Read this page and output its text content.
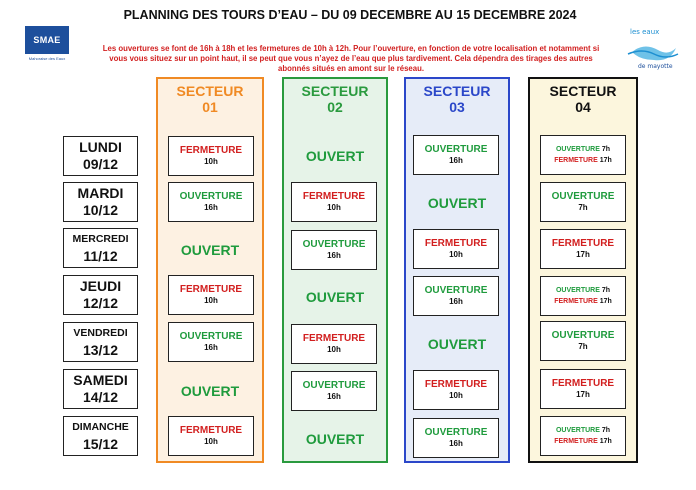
SMAE
Mahoraise des Eaux
les eaux
de mayotte
PLANNING DES TOURS D’EAU – DU 09 DECEMBRE AU 15 DECEMBRE 2024
Les ouvertures se font de 16h à 18h et les fermetures de 10h à 12h. Pour l’ouverture, en fonction de votre localisation et notamment si vous vous situez sur un point haut, il se peut que vous n’ayez de l’eau que plus tardivement. Cela dépendra des tirages des autres abonnés situés en amont sur le réseau.
SECTEUR
01
SECTEUR
02
SECTEUR
03
SECTEUR
04
LUNDI
09/12
MARDI
10/12
MERCREDI
11/12
JEUDI
12/12
VENDREDI
13/12
SAMEDI
14/12
DIMANCHE
15/12
FERMETURE
10h
OUVERTURE
16h
OUVERT
FERMETURE
10h
OUVERTURE
16h
OUVERT
FERMETURE
10h
OUVERT
FERMETURE
10h
OUVERTURE
16h
OUVERT
FERMETURE
10h
OUVERTURE
16h
OUVERT
OUVERTURE
16h
OUVERT
FERMETURE
10h
OUVERTURE
16h
OUVERT
FERMETURE
10h
OUVERTURE
16h
OUVERTURE 7h
FERMETURE 17h
OUVERTURE
7h
FERMETURE
17h
OUVERTURE 7h
FERMETURE 17h
OUVERTURE
7h
FERMETURE
17h
OUVERTURE 7h
FERMETURE 17h
